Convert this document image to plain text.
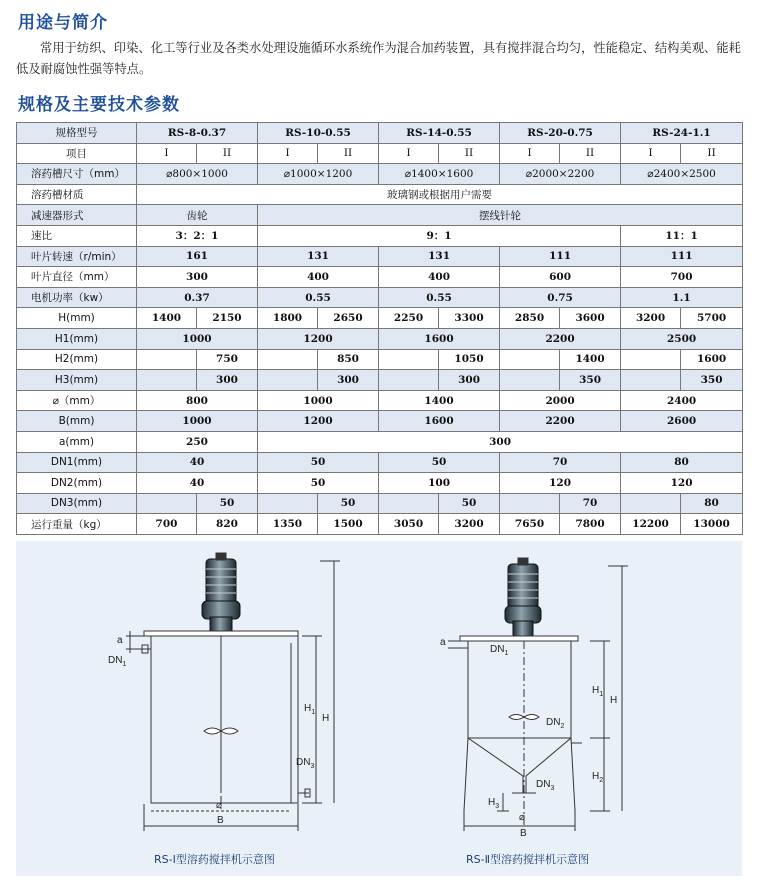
用途与简介

常用于纺织、印染、化工等行业及各类水处理设施循环水系统作为混合加药装置，具有搅拌混合均匀，性能稳定、结构美观、能耗低及耐腐蚀性强等特点。

规格及主要技术参数
规格型号	RS-8-0.37		RS-10-0.55		RS-14-0.55		RS-20-0.75		RS-24-1.1	
项目	I	II	I	II	I	II	I	II	I	II
溶药槽尺寸（mm）	⌀800×1000		⌀1000×1200		⌀1400×1600		⌀2000×2200		⌀2400×2500	
溶药槽材质	玻璃钢或根据用户需要									
减速器形式	齿轮		摆线针轮							
速比	3：2：1		9：1						11：1	
叶片转速（r/min）	161		131		131		111		111	
叶片直径（mm）	300		400		400		600		700	
电机功率（kw）	0.37		0.55		0.55		0.75		1.1	
H(mm)	1400	2150	1800	2650	2250	3300	2850	3600	3200	5700
H1(mm)	1000		1200		1600		2200		2500	
H2(mm)		750		850		1050		1400		1600
H3(mm)		300		300		300		350		350
⌀（mm）	800		1000		1400		2000		2400	
B(mm)	1000		1200		1600		2200		2600	
a(mm)	250		300							
DN1(mm)	40		50		50		70		80	
DN2(mm)	40		50		100		120		120	
DN3(mm)		50		50		50		70		80
运行重量（kg）	700	820	1350	1500	3050	3200	7650	7800	12200	13000
a
$DN_1$
$DN_3$
$H_1$
H
⌀
B
a
$DN_1$
$DN_2$
$DN_3$
$H_1$
$H_2$
$H_3$
H
⌀
B
RS-Ⅰ型溶药搅拌机示意图	RS-Ⅱ型溶药搅拌机示意图
